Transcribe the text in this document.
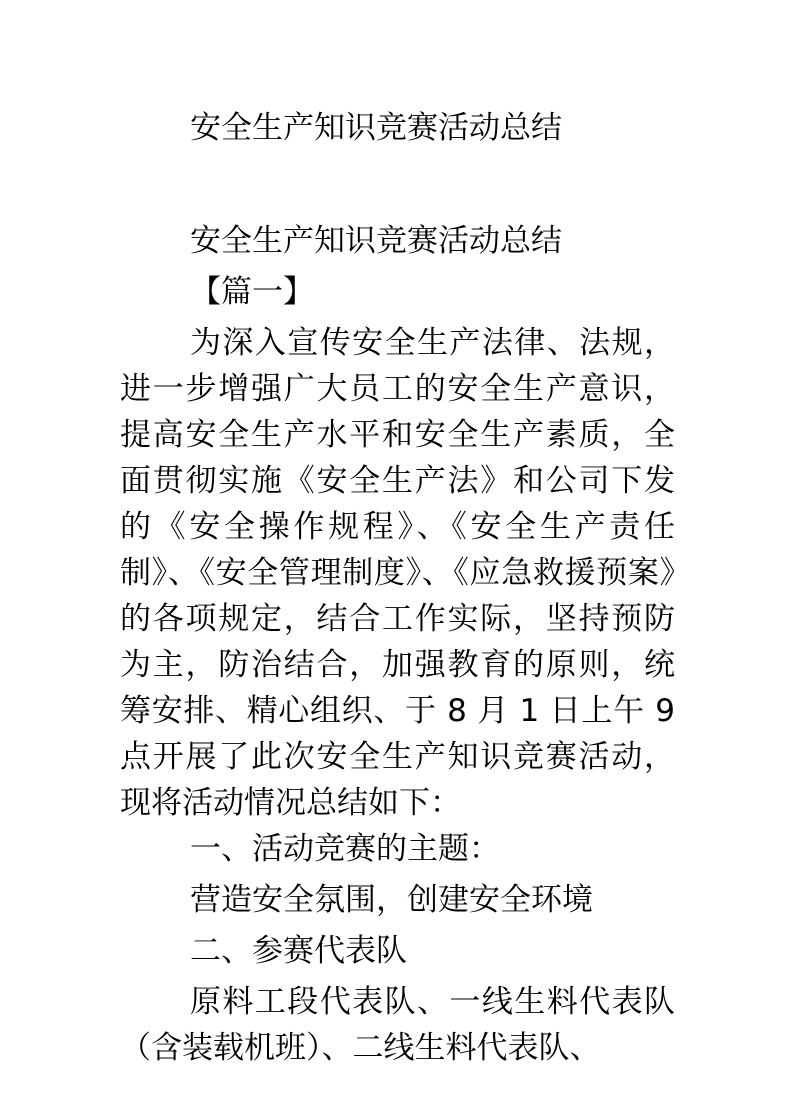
安全生产知识竞赛活动总结

安全生产知识竞赛活动总结

【篇一】

为深入宣传安全生产法律、法规，进一步增强广大员工的安全生产意识，提高安全生产水平和安全生产素质，全面贯彻实施《安全生产法》和公司下发的《安全操作规程》、《安全生产责任制》、《安全管理制度》、《应急救援预案》的各项规定，结合工作实际，坚持预防为主，防治结合，加强教育的原则，统筹安排、精心组织、于 8 月 1 日上午 9 点开展了此次安全生产知识竞赛活动，现将活动情况总结如下：

一、活动竞赛的主题：

营造安全氛围，创建安全环境

二、参赛代表队

原料工段代表队、一线生料代表队（含装载机班）、二线生料代表队、
